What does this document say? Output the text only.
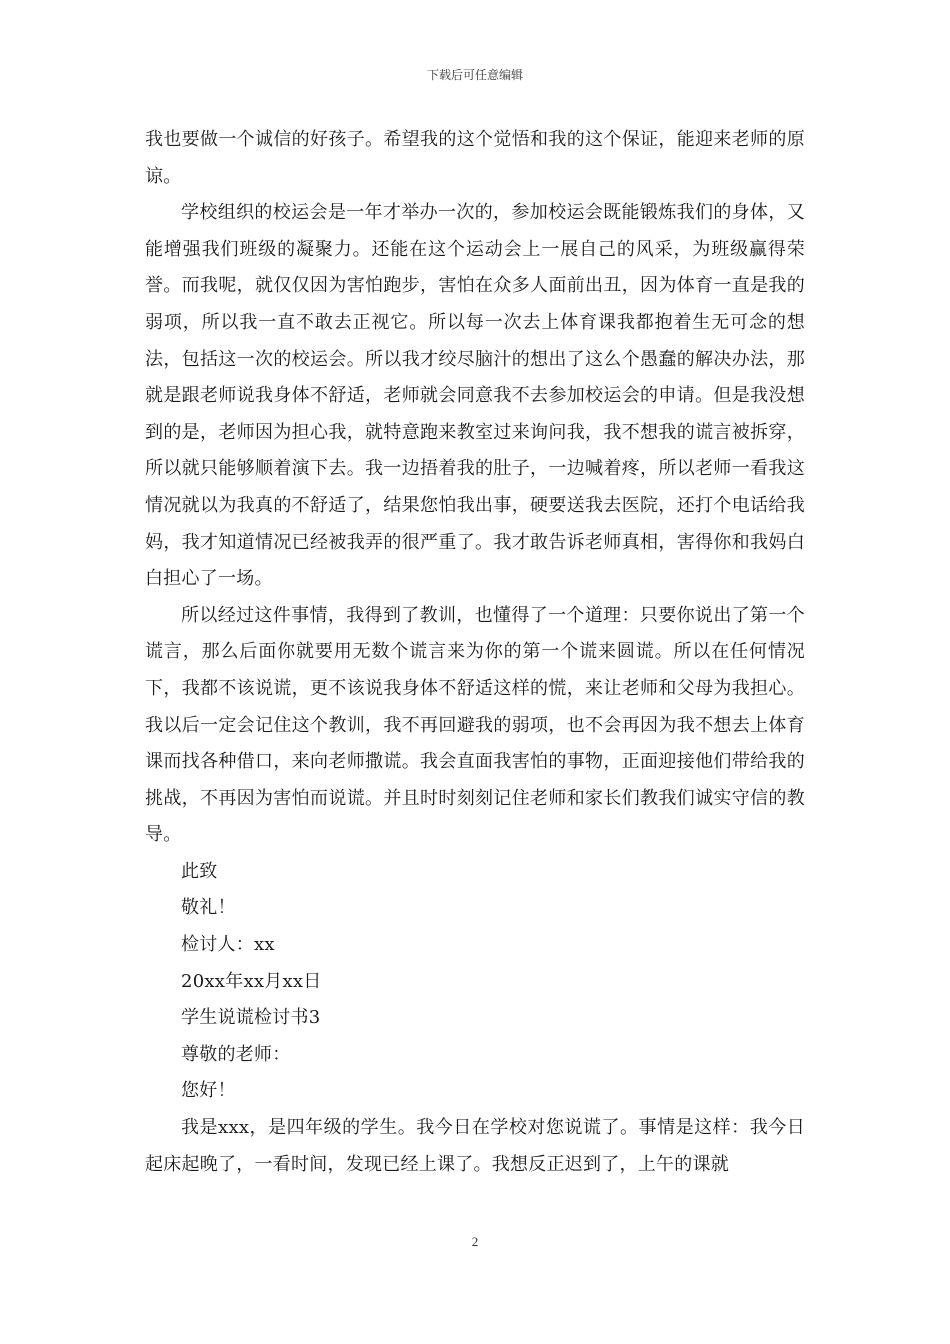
下载后可任意编辑

我也要做一个诚信的好孩子。希望我的这个觉悟和我的这个保证，能迎来老师的原谅。

学校组织的校运会是一年才举办一次的，参加校运会既能锻炼我们的身体，又能增强我们班级的凝聚力。还能在这个运动会上一展自己的风采，为班级赢得荣誉。而我呢，就仅仅因为害怕跑步，害怕在众多人面前出丑，因为体育一直是我的弱项，所以我一直不敢去正视它。所以每一次去上体育课我都抱着生无可念的想法，包括这一次的校运会。所以我才绞尽脑汁的想出了这么个愚蠢的解决办法，那就是跟老师说我身体不舒适，老师就会同意我不去参加校运会的申请。但是我没想到的是，老师因为担心我，就特意跑来教室过来询问我，我不想我的谎言被拆穿，所以就只能够顺着演下去。我一边捂着我的肚子，一边喊着疼，所以老师一看我这情况就以为我真的不舒适了，结果您怕我出事，硬要送我去医院，还打个电话给我妈，我才知道情况已经被我弄的很严重了。我才敢告诉老师真相，害得你和我妈白白担心了一场。

所以经过这件事情，我得到了教训，也懂得了一个道理：只要你说出了第一个谎言，那么后面你就要用无数个谎言来为你的第一个谎来圆谎。所以在任何情况下，我都不该说谎，更不该说我身体不舒适这样的慌，来让老师和父母为我担心。我以后一定会记住这个教训，我不再回避我的弱项，也不会再因为我不想去上体育课而找各种借口，来向老师撒谎。我会直面我害怕的事物，正面迎接他们带给我的挑战，不再因为害怕而说谎。并且时时刻刻记住老师和家长们教我们诚实守信的教导。

此致

敬礼！

检讨人：xx

20xx年xx月xx日

学生说谎检讨书3

尊敬的老师：

您好！

我是xxx，是四年级的学生。我今日在学校对您说谎了。事情是这样：我今日起床起晚了，一看时间，发现已经上课了。我想反正迟到了，上午的课就

2
